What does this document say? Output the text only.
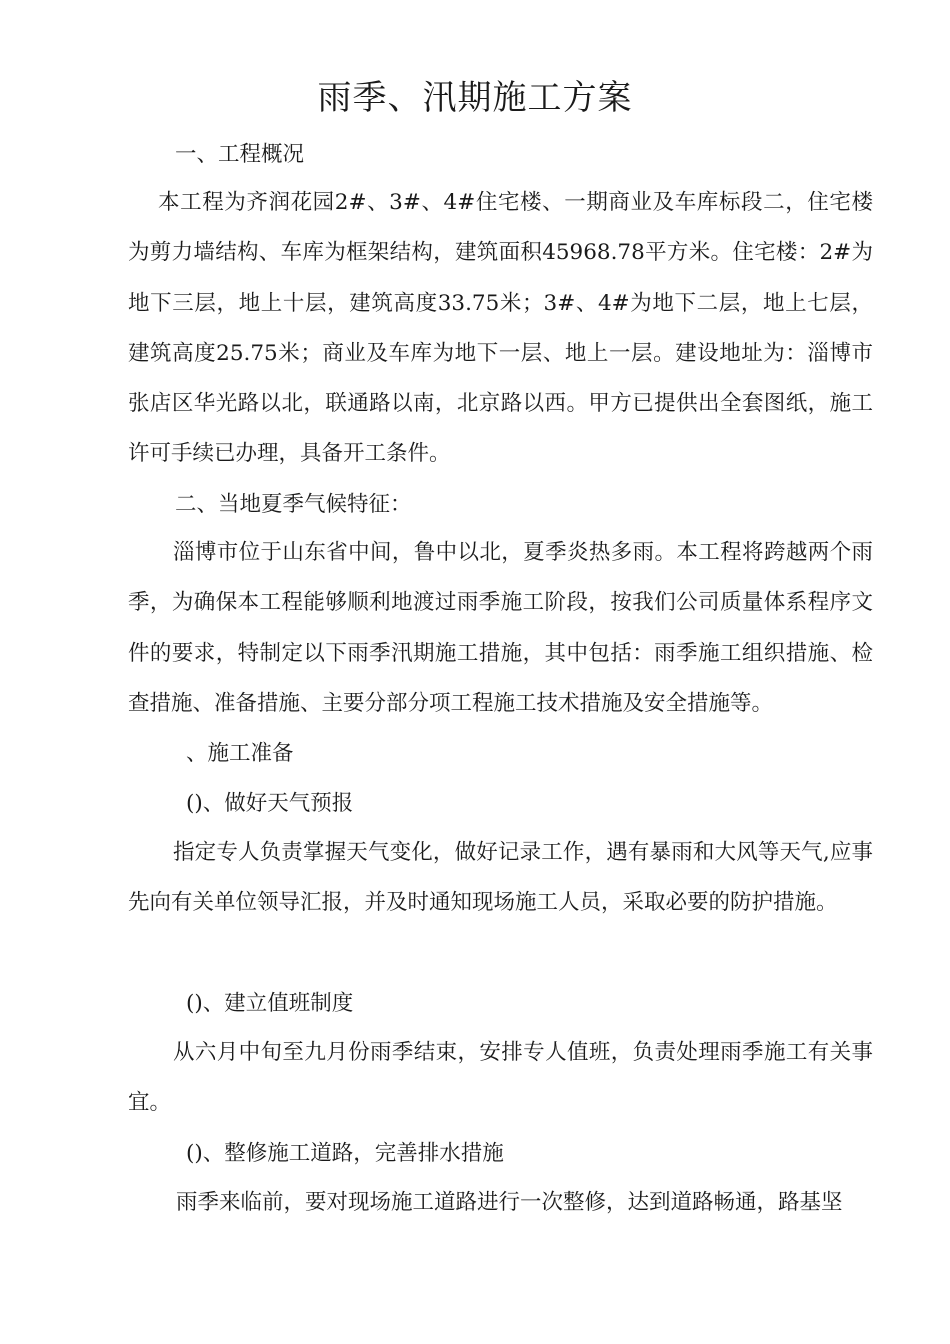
雨季、汛期施工方案

一、工程概况

本工程为齐润花园2#、3#、4#住宅楼、一期商业及车库标段二，住宅楼为剪力墙结构、车库为框架结构，建筑面积45968.78平方米。住宅楼：2#为地下三层，地上十层，建筑高度33.75米；3#、4#为地下二层，地上七层，建筑高度25.75米；商业及车库为地下一层、地上一层。建设地址为：淄博市张店区华光路以北，联通路以南，北京路以西。甲方已提供出全套图纸，施工许可手续已办理，具备开工条件。

二、当地夏季气候特征：

淄博市位于山东省中间，鲁中以北，夏季炎热多雨。本工程将跨越两个雨季，为确保本工程能够顺利地渡过雨季施工阶段，按我们公司质量体系程序文件的要求，特制定以下雨季汛期施工措施，其中包括：雨季施工组织措施、检查措施、准备措施、主要分部分项工程施工技术措施及安全措施等。

、施工准备

()、做好天气预报

指定专人负责掌握天气变化，做好记录工作，遇有暴雨和大风等天气,应事先向有关单位领导汇报，并及时通知现场施工人员，采取必要的防护措施。

()、建立值班制度

从六月中旬至九月份雨季结束，安排专人值班，负责处理雨季施工有关事宜。

()、整修施工道路，完善排水措施

雨季来临前，要对现场施工道路进行一次整修，达到道路畅通，路基坚
